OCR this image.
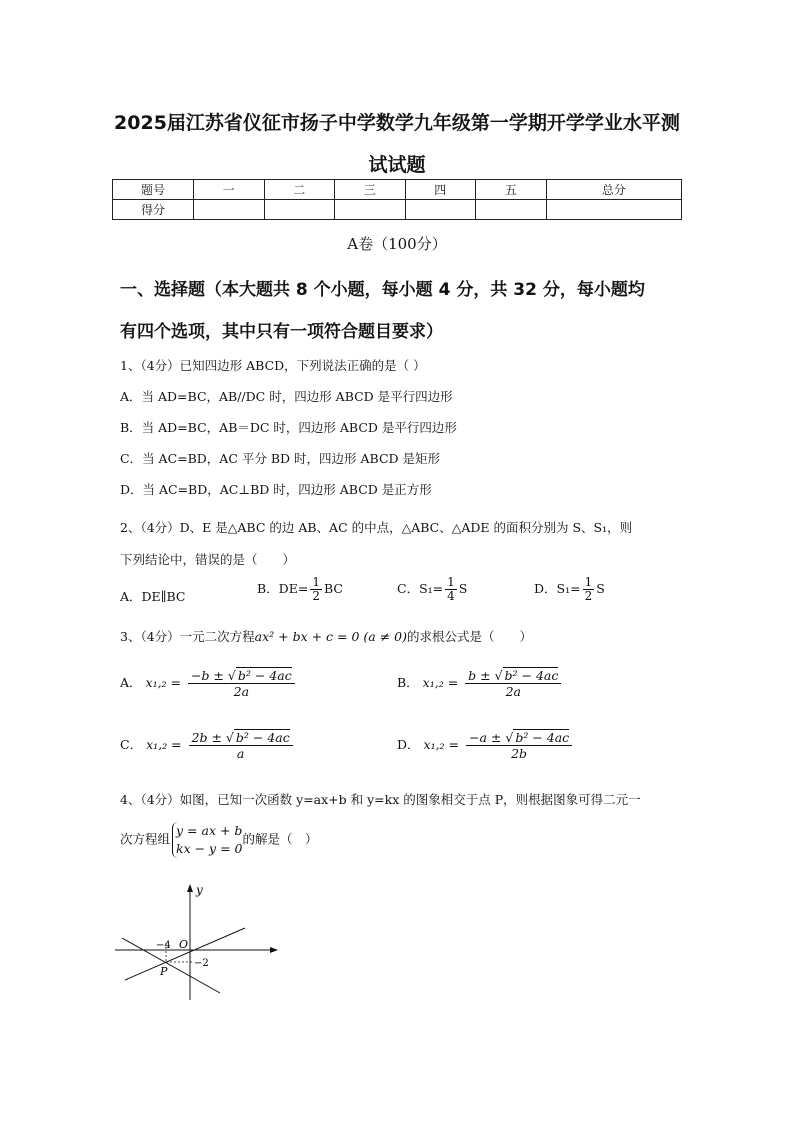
2025届江苏省仪征市扬子中学数学九年级第一学期开学学业水平测
试试题
题号	一	二	三	四	五	总分
得分						
A卷（100分）
一、选择题（本大题共 8 个小题，每小题 4 分，共 32 分，每小题均
有四个选项，其中只有一项符合题目要求）
1、（4分）已知四边形 ABCD，下列说法正确的是（ ）
A．当 AD=BC，AB//DC 时，四边形 ABCD 是平行四边形
B．当 AD=BC，AB＝DC 时，四边形 ABCD 是平行四边形
C．当 AC=BD，AC 平分 BD 时，四边形 ABCD 是矩形
D．当 AC=BD，AC⊥BD 时，四边形 ABCD 是正方形
2、（4分）D、E 是△ABC 的边 AB、AC 的中点，△ABC、△ADE 的面积分别为 S、S₁，则
下列结论中，错误的是（　　）
A．DE∥BC
B．$DE= \frac{1}{2}$ BC	C．$S_1= \frac{1}{4}$ S	D．$S_1= \frac{1}{2}$ S
3、（4分）一元二次方程ax² + bx + c = 0 (a ≠ 0)的求根公式是（　　）
A． $x_1,_2 = \frac{\text{−b ± √ b² − 4ac}}{2a}$	B． $x_1,_2 = \frac{\text{b ± √ b² − 4ac}}{2a}$
C． $x_1,_2 = \frac{\text{2b ± √ b² − 4ac}}{a}$	D． $x_1,_2 = \frac{\text{−a ± √ b² − 4ac}}{2b}$
4、（4分）如图，已知一次函数 y=ax+b 和 y=kx 的图象相交于点 P，则根据图象可得二元一
次方程组
y = ax + b
kx − y = 0
的解是（　）
y
O
−4
−2
P
